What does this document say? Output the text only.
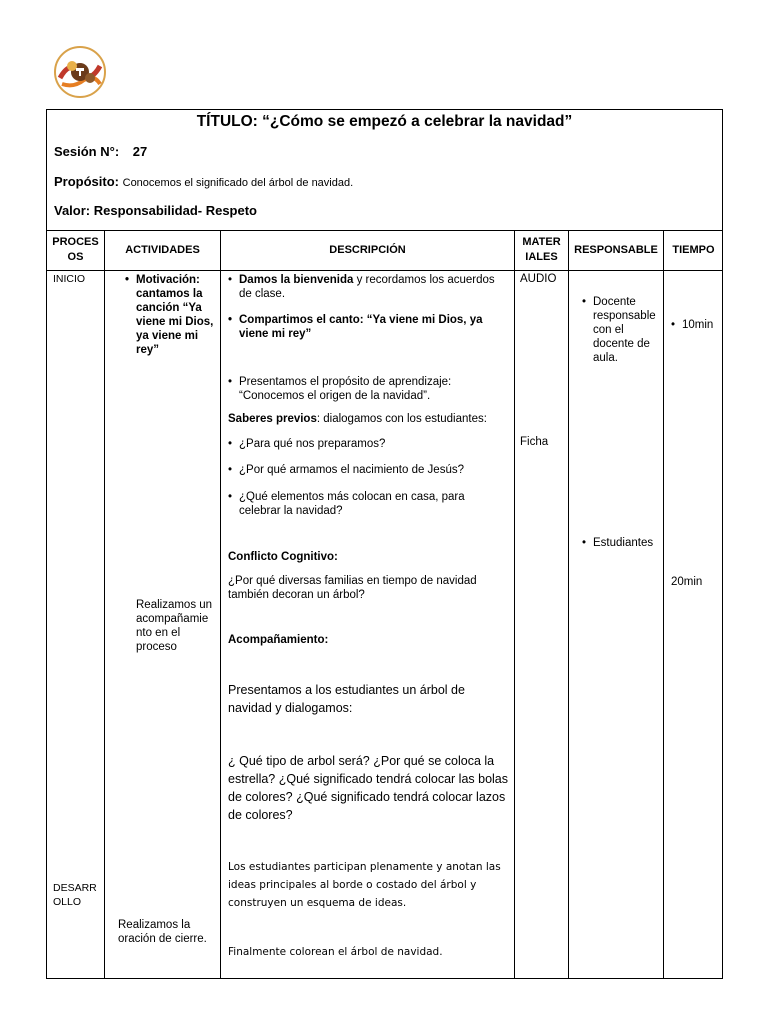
TÍTULO: “¿Cómo se empezó a celebrar la navidad”
Sesión N°: 27
Propósito: Conocemos el significado del árbol de navidad.
Valor: Responsabilidad- Respeto
PROCES OS
ACTIVIDADES	DESCRIPCIÓN
MATER IALES
RESPONSABLE	TIEMPO
INICIO
DESARR OLLO
• Motivación: cantamos la canción “Ya viene mi Dios, ya viene mi rey”
Realizamos un acompañamie nto en el proceso
Realizamos la oración de cierre.
• Damos la bienvenida y recordamos los acuerdos de clase.
• Compartimos el canto: “Ya viene mi Dios, ya viene mi rey”
• Presentamos el propósito de aprendizaje: “Conocemos el origen de la navidad”.
Saberes previos: dialogamos con los estudiantes:
• ¿Para qué nos preparamos?
• ¿Por qué armamos el nacimiento de Jesús?
• ¿Qué elementos más colocan en casa, para celebrar la navidad?
Conflicto Cognitivo:
¿Por qué diversas familias en tiempo de navidad también decoran un árbol?
Acompañamiento:
Presentamos a los estudiantes un árbol de navidad y dialogamos:
¿ Qué tipo de arbol será? ¿Por qué se coloca la estrella? ¿Qué significado tendrá colocar las bolas de colores? ¿Qué significado tendrá colocar lazos de colores?
Los estudiantes participan plenamente y anotan las ideas principales al borde o costado del árbol y construyen un esquema de ideas.
Finalmente colorean el árbol de navidad.
AUDIO
Ficha
• Docente responsable con el docente de aula.
• Estudiantes
• 10min
20min
